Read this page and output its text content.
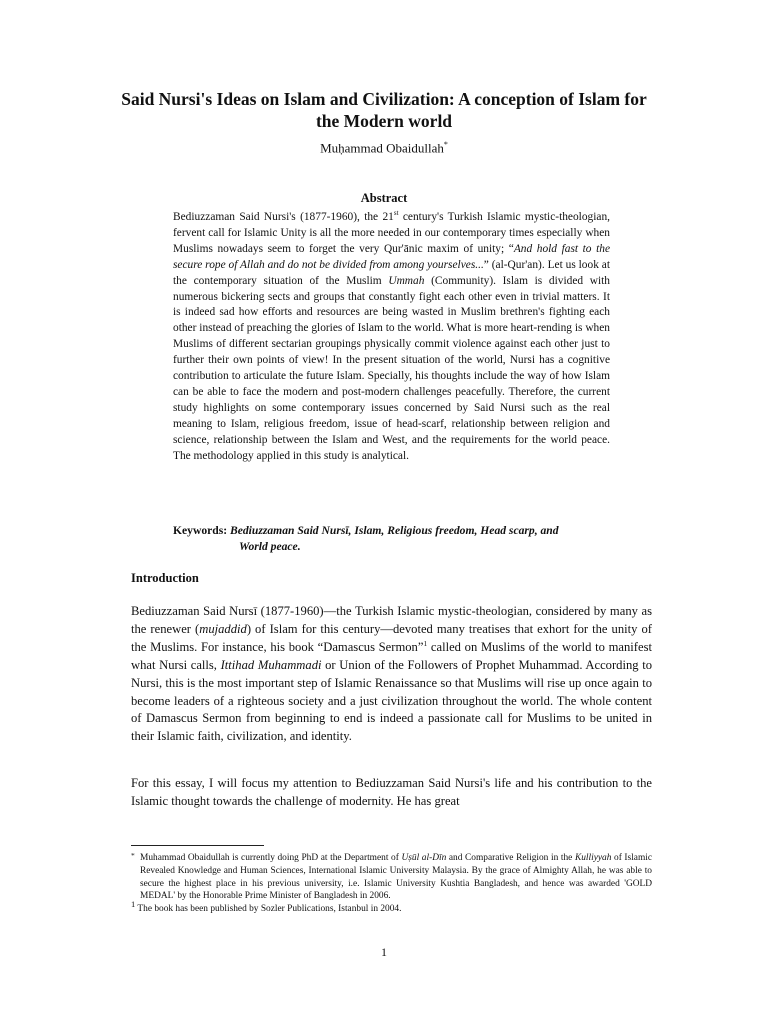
Said Nursi's Ideas on Islam and Civilization: A conception of Islam for the Modern world
Muḥammad Obaidullah*
Abstract
Bediuzzaman Said Nursi's (1877-1960), the 21st century's Turkish Islamic mystic-theologian, fervent call for Islamic Unity is all the more needed in our contemporary times especially when Muslims nowadays seem to forget the very Qur'ānic maxim of unity; “And hold fast to the secure rope of Allah and do not be divided from among yourselves...” (al-Qur'an). Let us look at the contemporary situation of the Muslim Ummah (Community). Islam is divided with numerous bickering sects and groups that constantly fight each other even in trivial matters. It is indeed sad how efforts and resources are being wasted in Muslim brethren's fighting each other instead of preaching the glories of Islam to the world. What is more heart-rending is when Muslims of different sectarian groupings physically commit violence against each other just to further their own points of view! In the present situation of the world, Nursi has a cognitive contribution to articulate the future Islam. Specially, his thoughts include the way of how Islam can be able to face the modern and post-modern challenges peacefully. Therefore, the current study highlights on some contemporary issues concerned by Said Nursi such as the real meaning to Islam, religious freedom, issue of head-scarf, relationship between religion and science, relationship between the Islam and West, and the requirements for the world peace. The methodology applied in this study is analytical.
Keywords: Bediuzzaman Said Nursī, Islam, Religious freedom, Head scarp, and
World peace.
Introduction
Bediuzzaman Said Nursī (1877-1960)—the Turkish Islamic mystic-theologian, considered by many as the renewer (mujaddid) of Islam for this century—devoted many treatises that exhort for the unity of the Muslims. For instance, his book “Damascus Sermon”$^1$ called on Muslims of the world to manifest what Nursi calls, Ittihad Muhammadi or Union of the Followers of Prophet Muhammad. According to Nursi, this is the most important step of Islamic Renaissance so that Muslims will rise up once again to become leaders of a righteous society and a just civilization throughout the world. The whole content of Damascus Sermon from beginning to end is indeed a passionate call for Muslims to be united in their Islamic faith, civilization, and identity.
For this essay, I will focus my attention to Bediuzzaman Said Nursi's life and his contribution to the Islamic thought towards the challenge of modernity. He has great
* Muhammad Obaidullah is currently doing PhD at the Department of Uṣūl al-Dīn and Comparative Religion in the Kulliyyah of Islamic Revealed Knowledge and Human Sciences, International Islamic University Malaysia. By the grace of Almighty Allah, he was able to secure the highest place in his previous university, i.e. Islamic University Kushtia Bangladesh, and hence was awarded 'GOLD MEDAL' by the Honorable Prime Minister of Bangladesh in 2006.
1 The book has been published by Sozler Publications, Istanbul in 2004.
1
